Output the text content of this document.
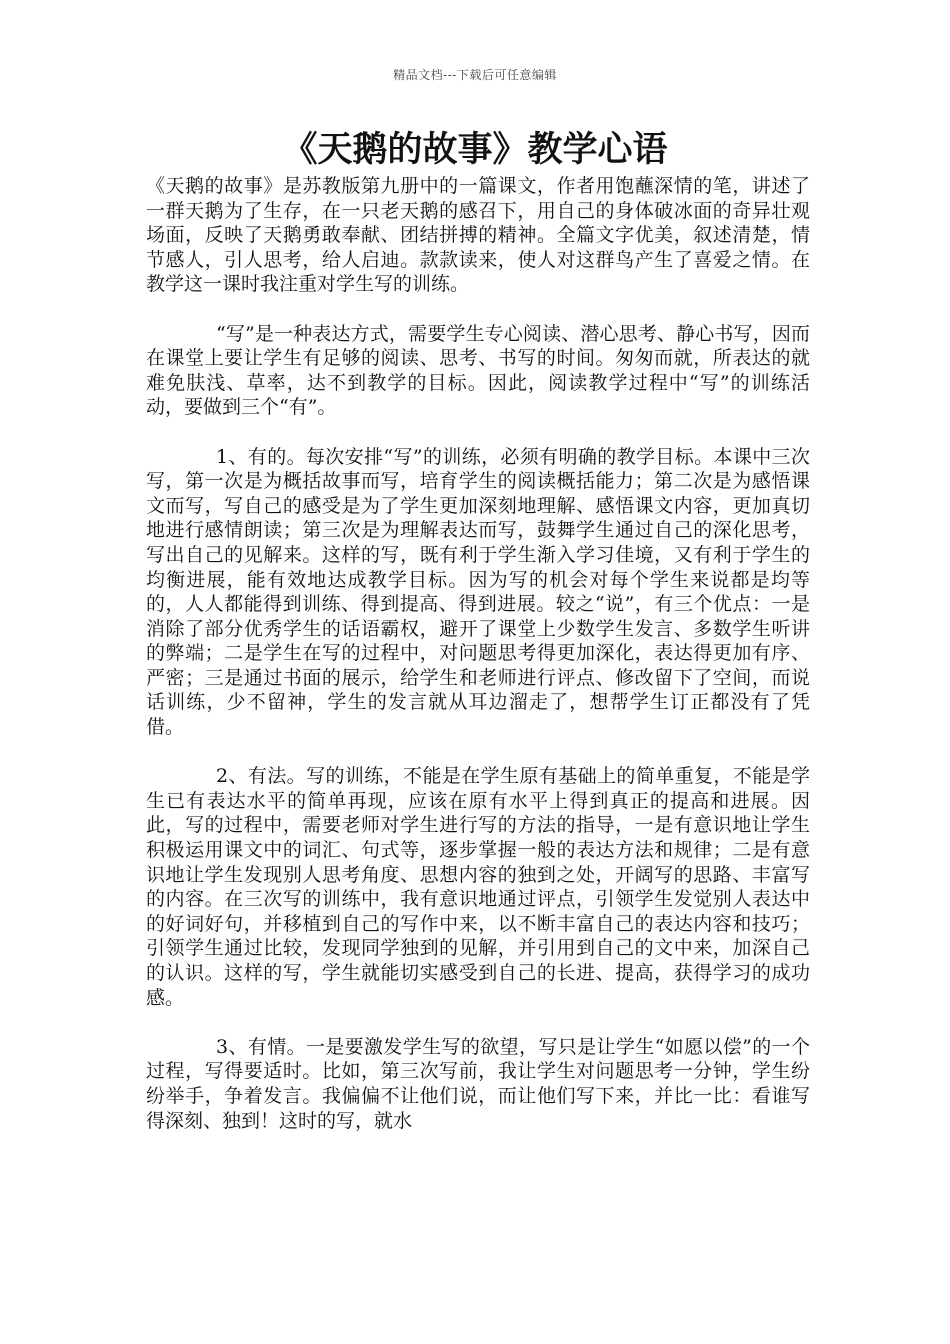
精品文档---下载后可任意编辑
《天鹅的故事》教学心语

《天鹅的故事》是苏教版第九册中的一篇课文，作者用饱蘸深情的笔，讲述了一群天鹅为了生存，在一只老天鹅的感召下，用自己的身体破冰面的奇异壮观场面，反映了天鹅勇敢奉献、团结拼搏的精神。全篇文字优美，叙述清楚，情节感人，引人思考，给人启迪。款款读来，使人对这群鸟产生了喜爱之情。在教学这一课时我注重对学生写的训练。

“写”是一种表达方式，需要学生专心阅读、潜心思考、静心书写，因而在课堂上要让学生有足够的阅读、思考、书写的时间。匆匆而就，所表达的就难免肤浅、草率，达不到教学的目标。因此，阅读教学过程中“写”的训练活动，要做到三个“有”。

1、有的。每次安排“写”的训练，必须有明确的教学目标。本课中三次写，第一次是为概括故事而写，培育学生的阅读概括能力；第二次是为感悟课文而写，写自己的感受是为了学生更加深刻地理解、感悟课文内容，更加真切地进行感情朗读；第三次是为理解表达而写，鼓舞学生通过自己的深化思考，写出自己的见解来。这样的写，既有利于学生渐入学习佳境，又有利于学生的均衡进展，能有效地达成教学目标。因为写的机会对每个学生来说都是均等的，人人都能得到训练、得到提高、得到进展。较之“说”，有三个优点：一是消除了部分优秀学生的话语霸权，避开了课堂上少数学生发言、多数学生听讲的弊端；二是学生在写的过程中，对问题思考得更加深化，表达得更加有序、严密；三是通过书面的展示，给学生和老师进行评点、修改留下了空间，而说话训练，少不留神，学生的发言就从耳边溜走了，想帮学生订正都没有了凭借。

2、有法。写的训练，不能是在学生原有基础上的简单重复，不能是学生已有表达水平的简单再现，应该在原有水平上得到真正的提高和进展。因此，写的过程中，需要老师对学生进行写的方法的指导，一是有意识地让学生积极运用课文中的词汇、句式等，逐步掌握一般的表达方法和规律；二是有意识地让学生发现别人思考角度、思想内容的独到之处，开阔写的思路、丰富写的内容。在三次写的训练中，我有意识地通过评点，引领学生发觉别人表达中的好词好句，并移植到自己的写作中来，以不断丰富自己的表达内容和技巧；引领学生通过比较，发现同学独到的见解，并引用到自己的文中来，加深自己的认识。这样的写，学生就能切实感受到自己的长进、提高，获得学习的成功感。

3、有情。一是要激发学生写的欲望，写只是让学生“如愿以偿”的一个过程，写得要适时。比如，第三次写前，我让学生对问题思考一分钟，学生纷纷举手，争着发言。我偏偏不让他们说，而让他们写下来，并比一比：看谁写得深刻、独到！这时的写，就水
